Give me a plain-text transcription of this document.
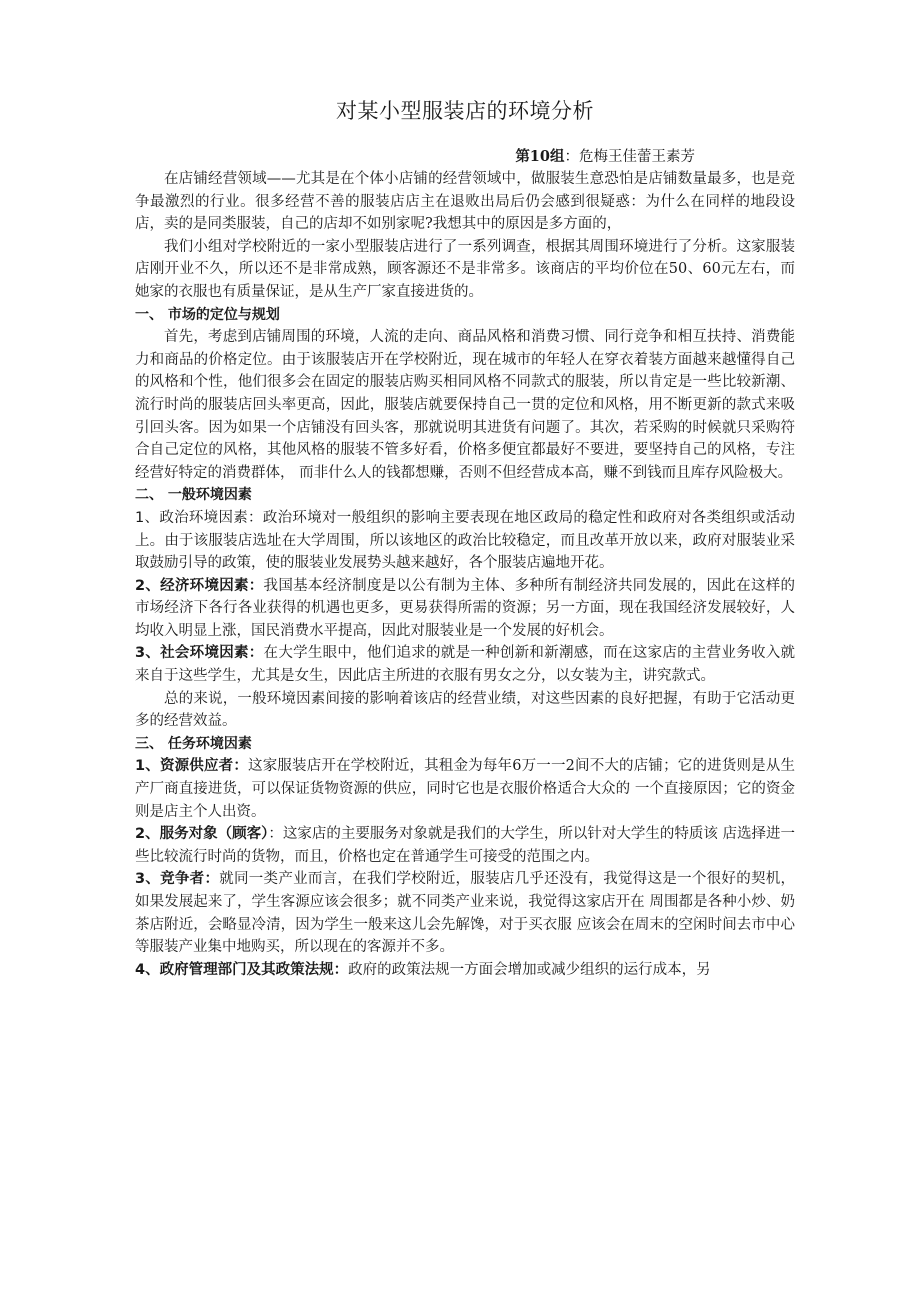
对某小型服装店的环境分析
第10组：危梅王佳蕾王素芳

在店铺经营领域——尤其是在个体小店铺的经营领域中，做服装生意恐怕是店铺数量最多，也是竞争最激烈的行业。很多经营不善的服装店店主在退败出局后仍会感到很疑惑：为什么在同样的地段设店，卖的是同类服装，自己的店却不如别家呢?我想其中的原因是多方面的，

我们小组对学校附近的一家小型服装店进行了一系列调查，根据其周围环境进行了分析。这家服装店刚开业不久，所以还不是非常成熟，顾客源还不是非常多。该商店的平均价位在50、60元左右，而她家的衣服也有质量保证，是从生产厂家直接进货的。

一、 市场的定位与规划

首先，考虑到店铺周围的环境，人流的走向、商品风格和消费习惯、同行竞争和相互扶持、消费能力和商品的价格定位。由于该服装店开在学校附近，现在城市的年轻人在穿衣着装方面越来越懂得自己的风格和个性，他们很多会在固定的服装店购买相同风格不同款式的服装，所以肯定是一些比较新潮、流行时尚的服装店回头率更高，因此，服装店就要保持自己一贯的定位和风格，用不断更新的款式来吸引回头客。因为如果一个店铺没有回头客，那就说明其进货有问题了。其次，若采购的时候就只采购符合自己定位的风格，其他风格的服装不管多好看，价格多便宜都最好不要进，要坚持自己的风格，专注经营好特定的消费群体， 而非什么人的钱都想赚，否则不但经营成本高，赚不到钱而且库存风险极大。

二、 一般环境因素

1、政治环境因素：政治环境对一般组织的影响主要表现在地区政局的稳定性和政府对各类组织或活动上。由于该服装店选址在大学周围，所以该地区的政治比较稳定，而且改革开放以来，政府对服装业采取鼓励引导的政策，使的服装业发展势头越来越好，各个服装店遍地开花。

2、经济环境因素：我国基本经济制度是以公有制为主体、多种所有制经济共同发展的，因此在这样的市场经济下各行各业获得的机遇也更多，更易获得所需的资源；另一方面，现在我国经济发展较好，人均收入明显上涨，国民消费水平提高，因此对服装业是一个发展的好机会。

3、社会环境因素：在大学生眼中，他们追求的就是一种创新和新潮感，而在这家店的主营业务收入就来自于这些学生，尤其是女生，因此店主所进的衣服有男女之分，以女装为主，讲究款式。

总的来说，一般环境因素间接的影响着该店的经营业绩，对这些因素的良好把握，有助于它活动更多的经营效益。

三、 任务环境因素

1、资源供应者：这家服装店开在学校附近，其租金为每年6万一一2间不大的店铺；它的进货则是从生产厂商直接进货，可以保证货物资源的供应，同时它也是衣服价格适合大众的 一个直接原因；它的资金则是店主个人出资。

2、服务对象（顾客）：这家店的主要服务对象就是我们的大学生，所以针对大学生的特质该 店选择进一些比较流行时尚的货物，而且，价格也定在普通学生可接受的范围之内。

3、竞争者：就同一类产业而言，在我们学校附近，服装店几乎还没有，我觉得这是一个很好的契机，如果发展起来了，学生客源应该会很多；就不同类产业来说，我觉得这家店开在 周围都是各种小炒、奶茶店附近，会略显冷清，因为学生一般来这儿会先解馋，对于买衣服 应该会在周末的空闲时间去市中心等服装产业集中地购买，所以现在的客源并不多。

4、政府管理部门及其政策法规：政府的政策法规一方面会增加或减少组织的运行成本，另
